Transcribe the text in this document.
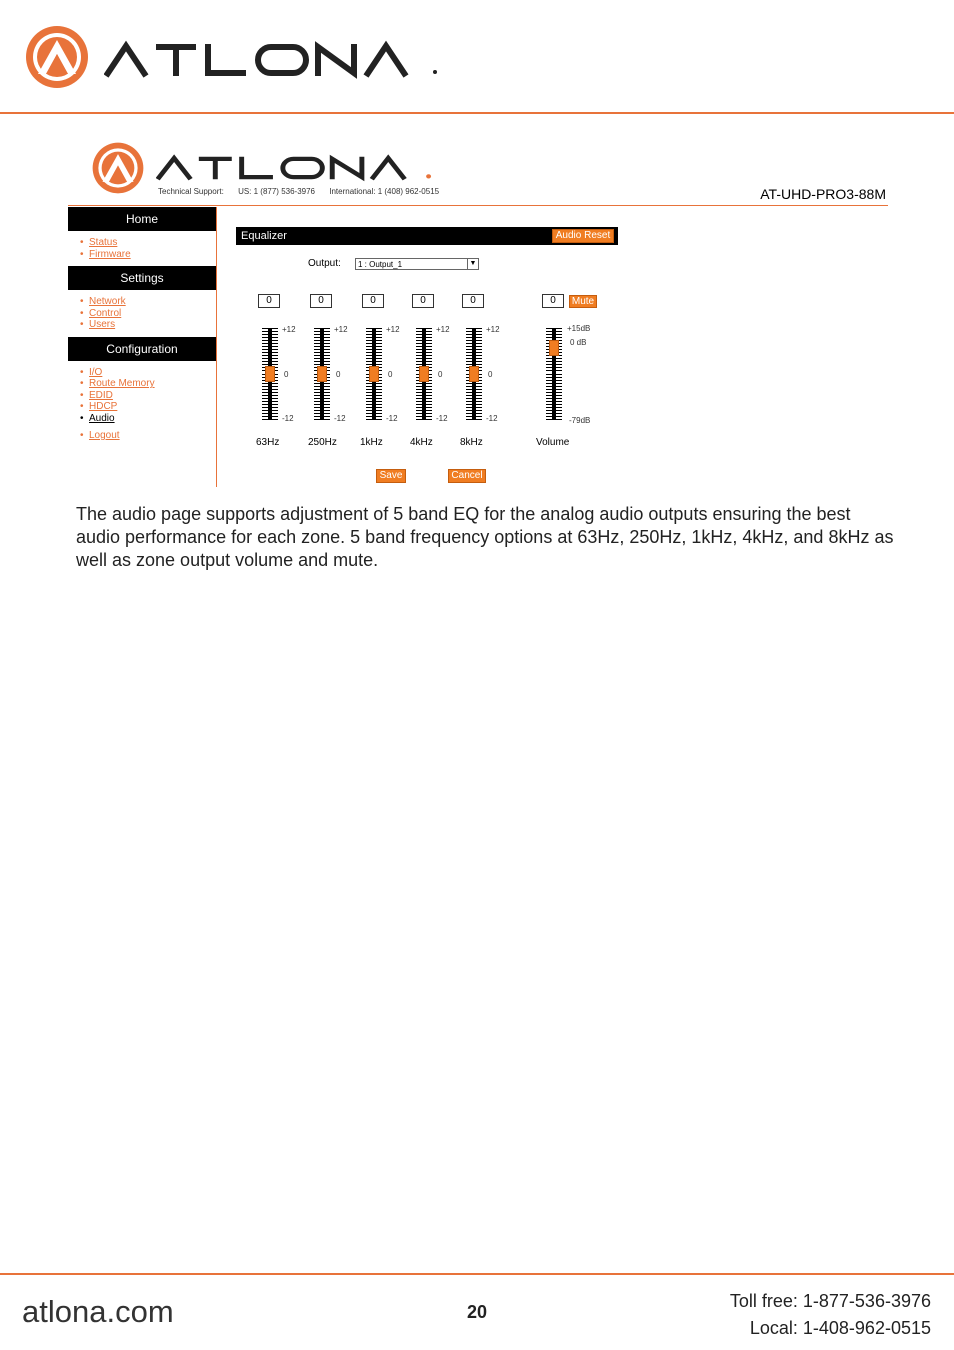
Technical Support: US: 1 (877) 536-3976 International: 1 (408) 962-0515	AT-UHD-PRO3-88M
Home
• Status
• Firmware
Settings
• Network
• Control
• Users
Configuration
• I/O
• Route Memory
• EDID
• HDCP
• Audio
• Logout
Equalizer	Audio Reset
Output:	1 : Output_1	▼
0
+12
0
-12
63Hz
0
+12
0
-12
250Hz
0
+12
0
-12
1kHz
0
+12
0
-12
4kHz
0
+12
0
-12
8kHz
0	Mute
+15dB
0 dB
-79dB
Volume
Save	Cancel
The audio page supports adjustment of 5 band EQ for the analog audio outputs ensuring the best audio performance for each zone. 5 band frequency options at 63Hz, 250Hz, 1kHz, 4kHz, and 8kHz as well as zone output volume and mute.
atlona.com	20
Toll free: 1-877-536-3976
Local: 1-408-962-0515
